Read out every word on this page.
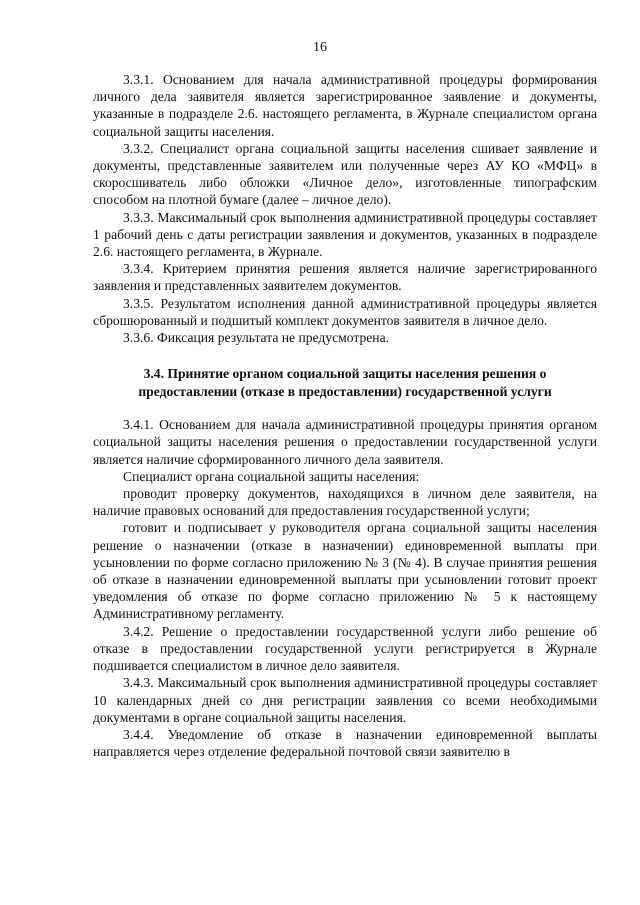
16

3.3.1. Основанием для начала административной процедуры формирования личного дела заявителя является зарегистрированное заявление и документы, указанные в подразделе 2.6. настоящего регламента, в Журнале специалистом органа социальной защиты населения.

3.3.2. Специалист органа социальной защиты населения сшивает заявление и документы, представленные заявителем или полученные через АУ КО «МФЦ» в скоросшиватель либо обложки «Личное дело», изготовленные типографским способом на плотной бумаге (далее – личное дело).

3.3.3. Максимальный срок выполнения административной процедуры составляет 1 рабочий день с даты регистрации заявления и документов, указанных в подразделе 2.6. настоящего регламента, в Журнале.

3.3.4. Критерием принятия решения является наличие зарегистрированного заявления и представленных заявителем документов.

3.3.5. Результатом исполнения данной административной процедуры является сброшюрованный и подшитый комплект документов заявителя в личное дело.

3.3.6. Фиксация результата не предусмотрена.

3.4. Принятие органом социальной защиты населения решения о предоставлении (отказе в предоставлении) государственной услуги

3.4.1. Основанием для начала административной процедуры принятия органом социальной защиты населения решения о предоставлении государственной услуги является наличие сформированного личного дела заявителя.

Специалист органа социальной защиты населения:

проводит проверку документов, находящихся в личном деле заявителя, на наличие правовых оснований для предоставления государственной услуги;

готовит и подписывает у руководителя органа социальной защиты населения решение о назначении (отказе в назначении) единовременной выплаты при усыновлении по форме согласно приложению № 3 (№ 4). В случае принятия решения об отказе в назначении единовременной выплаты при усыновлении готовит проект уведомления об отказе по форме согласно приложению № 5 к настоящему Административному регламенту.

3.4.2. Решение о предоставлении государственной услуги либо решение об отказе в предоставлении государственной услуги регистрируется в Журнале подшивается специалистом в личное дело заявителя.

3.4.3. Максимальный срок выполнения административной процедуры составляет 10 календарных дней со дня регистрации заявления со всеми необходимыми документами в органе социальной защиты населения.

3.4.4. Уведомление об отказе в назначении единовременной выплаты направляется через отделение федеральной почтовой связи заявителю в
